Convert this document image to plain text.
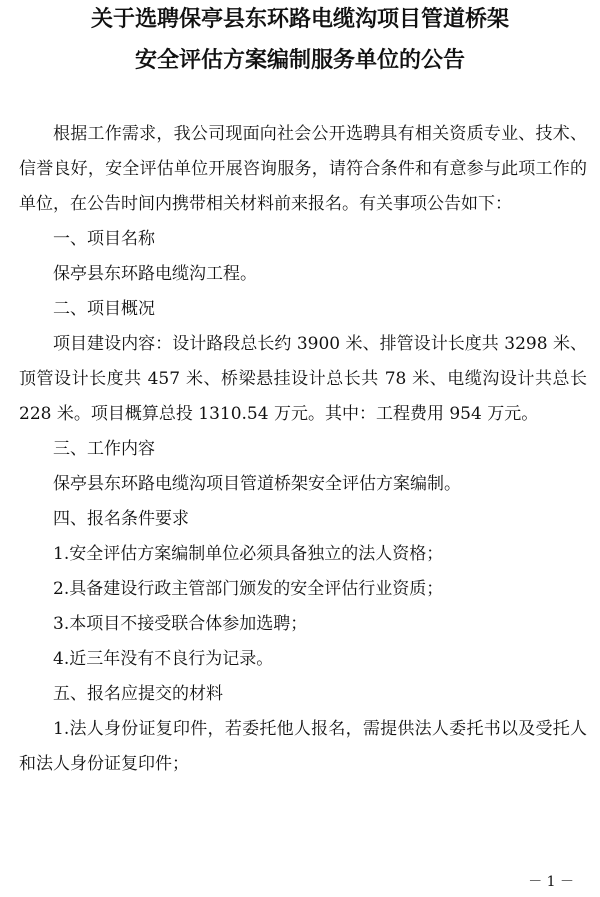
关于选聘保亭县东环路电缆沟项目管道桥架
安全评估方案编制服务单位的公告

根据工作需求，我公司现面向社会公开选聘具有相关资质专业、技术、信誉良好，安全评估单位开展咨询服务，请符合条件和有意参与此项工作的单位，在公告时间内携带相关材料前来报名。有关事项公告如下：

一、项目名称

保亭县东环路电缆沟工程。

二、项目概况

项目建设内容：设计路段总长约 3900 米、排管设计长度共 3298 米、顶管设计长度共 457 米、桥梁悬挂设计总长共 78 米、电缆沟设计共总长 228 米。项目概算总投 1310.54 万元。其中：工程费用 954 万元。

三、工作内容

保亭县东环路电缆沟项目管道桥架安全评估方案编制。

四、报名条件要求

1.安全评估方案编制单位必须具备独立的法人资格；

2.具备建设行政主管部门颁发的安全评估行业资质；

3.本项目不接受联合体参加选聘；

4.近三年没有不良行为记录。

五、报名应提交的材料

1.法人身份证复印件，若委托他人报名，需提供法人委托书以及受托人和法人身份证复印件；

－ 1 －
